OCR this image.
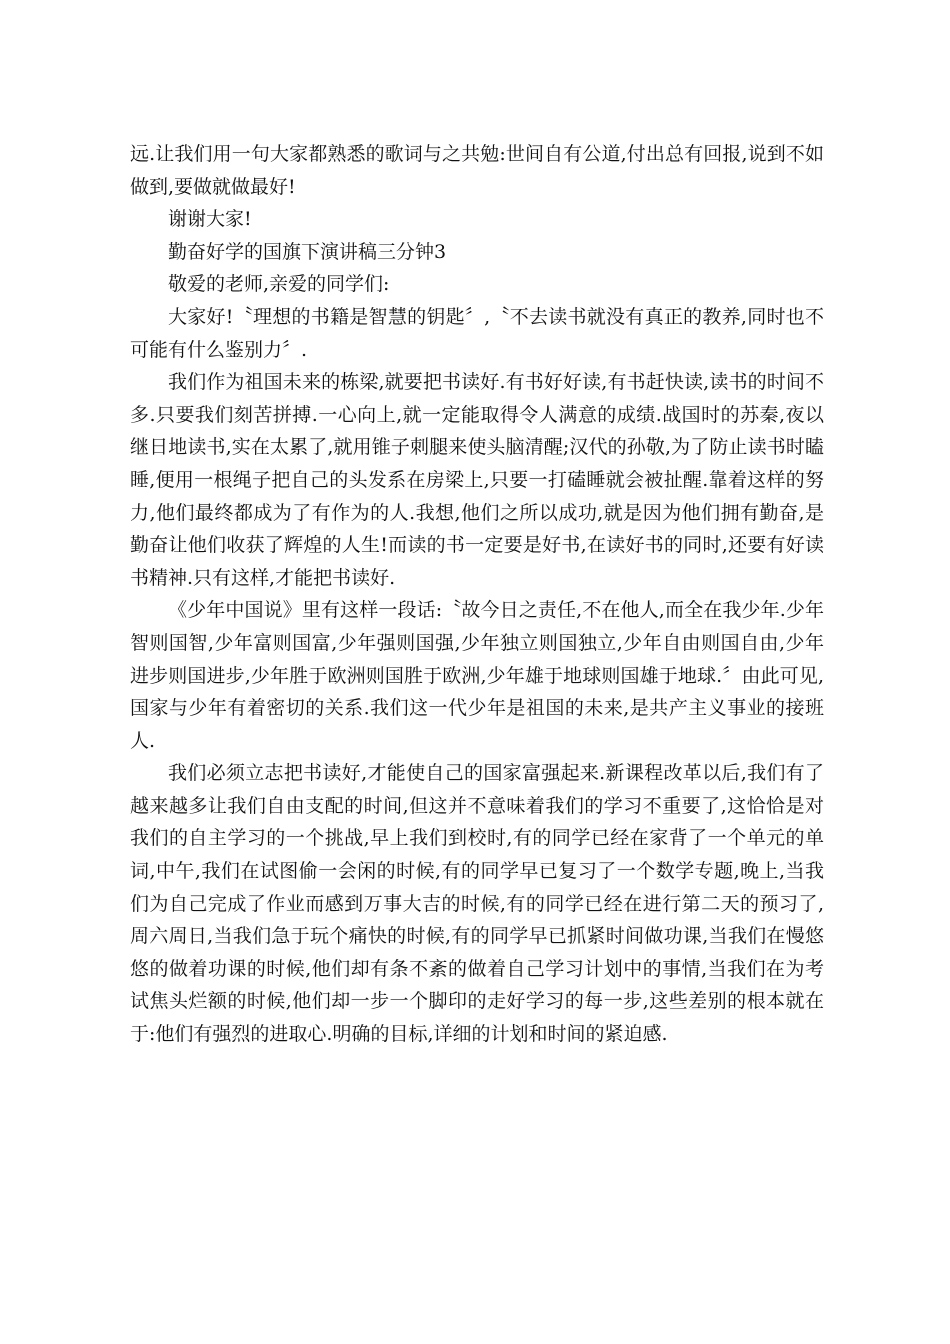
远.让我们用一句大家都熟悉的歌词与之共勉:世间自有公道,付出总有回报,说到不如做到,要做就做最好!

谢谢大家!

勤奋好学的国旗下演讲稿三分钟3

敬爱的老师,亲爱的同学们:

大家好!〝理想的书籍是智慧的钥匙〞,〝不去读书就没有真正的教养,同时也不可能有什么鉴别力〞.

我们作为祖国未来的栋梁,就要把书读好.有书好好读,有书赶快读,读书的时间不多.只要我们刻苦拼搏.一心向上,就一定能取得令人满意的成绩.战国时的苏秦,夜以继日地读书,实在太累了,就用锥子刺腿来使头脑清醒;汉代的孙敬,为了防止读书时瞌睡,便用一根绳子把自己的头发系在房梁上,只要一打磕睡就会被扯醒.靠着这样的努力,他们最终都成为了有作为的人.我想,他们之所以成功,就是因为他们拥有勤奋,是勤奋让他们收获了辉煌的人生!而读的书一定要是好书,在读好书的同时,还要有好读书精神.只有这样,才能把书读好.

《少年中国说》里有这样一段话:〝故今日之责任,不在他人,而全在我少年.少年智则国智,少年富则国富,少年强则国强,少年独立则国独立,少年自由则国自由,少年进步则国进步,少年胜于欧洲则国胜于欧洲,少年雄于地球则国雄于地球.〞由此可见,国家与少年有着密切的关系.我们这一代少年是祖国的未来,是共产主义事业的接班人.

我们必须立志把书读好,才能使自己的国家富强起来.新课程改革以后,我们有了越来越多让我们自由支配的时间,但这并不意味着我们的学习不重要了,这恰恰是对我们的自主学习的一个挑战,早上我们到校时,有的同学已经在家背了一个单元的单词,中午,我们在试图偷一会闲的时候,有的同学早已复习了一个数学专题,晚上,当我们为自己完成了作业而感到万事大吉的时候,有的同学已经在进行第二天的预习了,周六周日,当我们急于玩个痛快的时候,有的同学早已抓紧时间做功课,当我们在慢悠悠的做着功课的时候,他们却有条不紊的做着自己学习计划中的事情,当我们在为考试焦头烂额的时候,他们却一步一个脚印的走好学习的每一步,这些差别的根本就在于:他们有强烈的进取心.明确的目标,详细的计划和时间的紧迫感.
